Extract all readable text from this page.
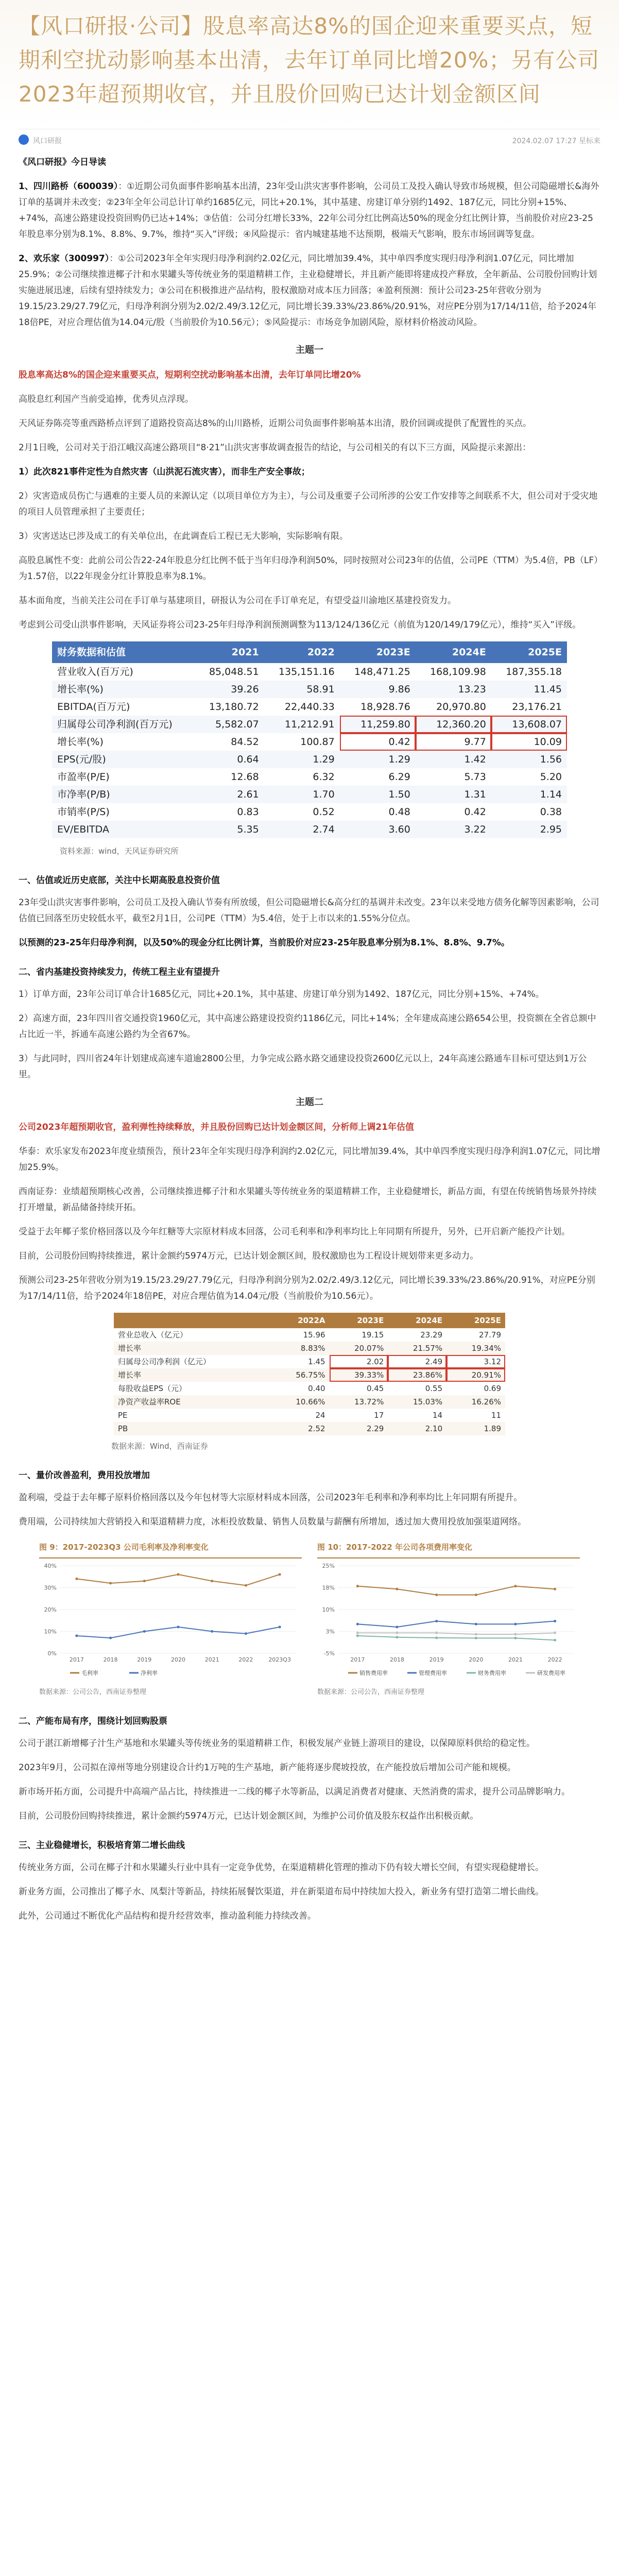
【风口研报·公司】股息率高达8%的国企迎来重要买点，短期利空扰动影响基本出清，去年订单同比增20%；另有公司2023年超预期收官，并且股价回购已达计划金额区间
风口研报	2024.02.07 17:27 星标来
《风口研报》今日导读
1、四川路桥（600039）：①近期公司负面事件影响基本出清，23年受山洪灾害事件影响，公司员工及投入确认导致市场规模，但公司隐磁增长&海外订单的基调并未改变；②23年全年公司总计订单约1685亿元，同比+20.1%，其中基建、房建订单分别约1492、187亿元，同比分别+15%、+74%，高速公路建设投资回购仍已达+14%；③估值：公司分红增长33%，22年公司分红比例高达50%的现金分红比例计算，当前股价对应23-25年股息率分别为8.1%、8.8%、9.7%，维持“买入”评级；④风险提示：省内城建基地不达预期，极端天气影响，股东市场回调等复盘。
2、欢乐家（300997）：①公司2023年全年实现归母净利润约2.02亿元，同比增加39.4%，其中单四季度实现归母净利润1.07亿元，同比增加25.9%；②公司继续推进椰子汁和水果罐头等传统业务的渠道精耕工作，主业稳健增长，并且新产能即将建成投产释放，全年新品、公司股份回购计划实施进展迅速，后续有望持续发力；③公司在积极推进产品结构，股权激励对成本压力回落；④盈利预测：预计公司23-25年营收分别为19.15/23.29/27.79亿元，归母净利润分别为2.02/2.49/3.12亿元，同比增长39.33%/23.86%/20.91%，对应PE分别为17/14/11倍，给予2024年18倍PE，对应合理估值为14.04元/股（当前股价为10.56元）；⑤风险提示：市场竞争加剧风险，原材料价格波动风险。
主题一
股息率高达8%的国企迎来重要买点，短期利空扰动影响基本出清，去年订单同比增20%
高股息红利国产当前受追捧，优秀贝点浮现。
天风证券陈亮等重西路桥点评到了道路投资高达8%的山川路桥，近期公司负面事件影响基本出清，股价回调或提供了配置性的买点。
2月1日晚，公司对关于沿江峨汉高速公路项目“8·21”山洪灾害事故调查报告的结论，与公司相关的有以下三方面，风险提示来源出：
1）此次821事件定性为自然灾害（山洪泥石流灾害），而非生产安全事故；
2）灾害造成员伤亡与遇难的主要人员的来源认定（以项目单位方为主），与公司及重要子公司所涉的公安工作安排等之间联系不大，但公司对于受灾地的项目人员管理承担了主要责任；
3）灾害送达已涉及成工的有关单位出，在此调查后工程已无大影响，实际影响有限。
高股息属性不变：此前公司公告22-24年股息分红比例不低于当年归母净利润50%，同时按照对公司23年的估值，公司PE（TTM）为5.4倍，PB（LF）为1.57倍，以22年现金分红计算股息率为8.1%。
基本面角度，当前关注公司在手订单与基建项目，研报认为公司在手订单充足，有望受益川渝地区基建投资发力。
考虑到公司受山洪事件影响，天风证券将公司23-25年归母净利润预测调整为113/124/136亿元（前值为120/149/179亿元），维持“买入”评级。
财务数据和估值	2021	2022	2023E	2024E	2025E
营业收入(百万元)	85,048.51	135,151.16	148,471.25	168,109.98	187,355.18
增长率(%)	39.26	58.91	9.86	13.23	11.45
EBITDA(百万元)	13,180.72	22,440.33	18,928.76	20,970.80	23,176.21
归属母公司净利润(百万元)	5,582.07	11,212.91	11,259.80	12,360.20	13,608.07
增长率(%)	84.52	100.87	0.42	9.77	10.09
EPS(元/股)	0.64	1.29	1.29	1.42	1.56
市盈率(P/E)	12.68	6.32	6.29	5.73	5.20
市净率(P/B)	2.61	1.70	1.50	1.31	1.14
市销率(P/S)	0.83	0.52	0.48	0.42	0.38
EV/EBITDA	5.35	2.74	3.60	3.22	2.95
资料来源：wind，天风证券研究所
一、估值或近历史底部，关注中长期高股息投资价值
23年受山洪灾害事件影响，公司员工及投入确认节奏有所放缓，但公司隐磁增长&高分红的基调并未改变。23年以来受地方债务化解等因素影响，公司估值已回落至历史较低水平，截至2月1日，公司PE（TTM）为5.4倍，处于上市以来的1.55%分位点。
以预测的23-25年归母净利润，以及50%的现金分红比例计算，当前股价对应23-25年股息率分别为8.1%、8.8%、9.7%。
二、省内基建投资持续发力，传统工程主业有望提升
1）订单方面，23年公司订单合计1685亿元，同比+20.1%，其中基建、房建订单分别为1492、187亿元，同比分别+15%、+74%。
2）高速方面，23年四川省交通投资1960亿元，其中高速公路建设投资约1186亿元，同比+14%；全年建成高速公路654公里，投资额在全省总额中占比近一半，拆通车高速公路约为全省67%。
3）与此同时，四川省24年计划建成高速车道逾2800公里，力争完成公路水路交通建设投资2600亿元以上，24年高速公路通车目标可望达到1万公里。
主题二
公司2023年超预期收官，盈利弹性持续释放，并且股份回购已达计划金额区间，分析师上调21年估值
华泰：欢乐家发布2023年度业绩预告，预计23年全年实现归母净利润约2.02亿元，同比增加39.4%，其中单四季度实现归母净利润1.07亿元，同比增加25.9%。
西南证券：业绩超预期核心改善，公司继续推进椰子汁和水果罐头等传统业务的渠道精耕工作，主业稳健增长，新品方面，有望在传统销售场景外持续打开增量，新品储备持续开拓。
受益于去年椰子浆价格回落以及今年红糖等大宗原材料成本回落，公司毛利率和净利率均比上年同期有所提升，另外，已开启新产能投产计划。
目前，公司股份回购持续推进，累计金额约5974万元，已达计划金额区间，股权激励也为工程设计规划带来更多动力。
预测公司23-25年营收分别为19.15/23.29/27.79亿元，归母净利润分别为2.02/2.49/3.12亿元，同比增长39.33%/23.86%/20.91%，对应PE分别为17/14/11倍，给予2024年18倍PE，对应合理估值为14.04元/股（当前股价为10.56元）。
	2022A	2023E	2024E	2025E
营业总收入（亿元）	15.96	19.15	23.29	27.79
增长率	8.83%	20.07%	21.57%	19.34%
归属母公司净利润（亿元）	1.45	2.02	2.49	3.12
增长率	56.75%	39.33%	23.86%	20.91%
每股收益EPS（元）	0.40	0.45	0.55	0.69
净资产收益率ROE	10.66%	13.72%	15.03%	16.26%
PE	24	17	14	11
PB	2.52	2.29	2.10	1.89
数据来源：Wind，西南证券
一、量价改善盈利，费用投放增加
盈利端，受益于去年椰子原料价格回落以及今年包材等大宗原材料成本回落，公司2023年毛利率和净利率均比上年同期有所提升。
费用端，公司持续加大营销投入和渠道精耕力度，冰柜投放数量、销售人员数量与薪酬有所增加，透过加大费用投放加强渠道网络。
图 9：2017-2023Q3 公司毛利率及净利率变化
0%
10%
20%
30%
40%
2017	2018	2019	2020	2021	2022	2023Q3
毛利率	净利率
数据来源：公司公告，西南证券整理
图 10：2017-2022 年公司各项费用率变化
-5%
3%
10%
18%
25%
2017	2018	2019	2020	2021	2022
销售费用率	管理费用率	财务费用率	研发费用率
数据来源：公司公告，西南证券整理
二、产能布局有序，围绕计划回购股票
公司于湛江新增椰子汁生产基地和水果罐头等传统业务的渠道精耕工作，积极发展产业链上游项目的建设，以保障原料供给的稳定性。
2023年9月，公司拟在漳州等地分别建设合计约1万吨的生产基地，新产能将逐步爬坡投放，在产能投放后增加公司产能和规模。
新市场开拓方面，公司提升中高端产品占比，持续推进一二线的椰子水等新品，以满足消费者对健康、天然消费的需求，提升公司品牌影响力。
目前，公司股份回购持续推进，累计金额约5974万元，已达计划金额区间，为维护公司价值及股东权益作出积极贡献。
三、主业稳健增长，积极培育第二增长曲线
传统业务方面，公司在椰子汁和水果罐头行业中具有一定竞争优势，在渠道精耕化管理的推动下仍有较大增长空间，有望实现稳健增长。
新业务方面，公司推出了椰子水、凤梨汁等新品，持续拓展餐饮渠道，并在新渠道布局中持续加大投入，新业务有望打造第二增长曲线。
此外，公司通过不断优化产品结构和提升经营效率，推动盈利能力持续改善。
